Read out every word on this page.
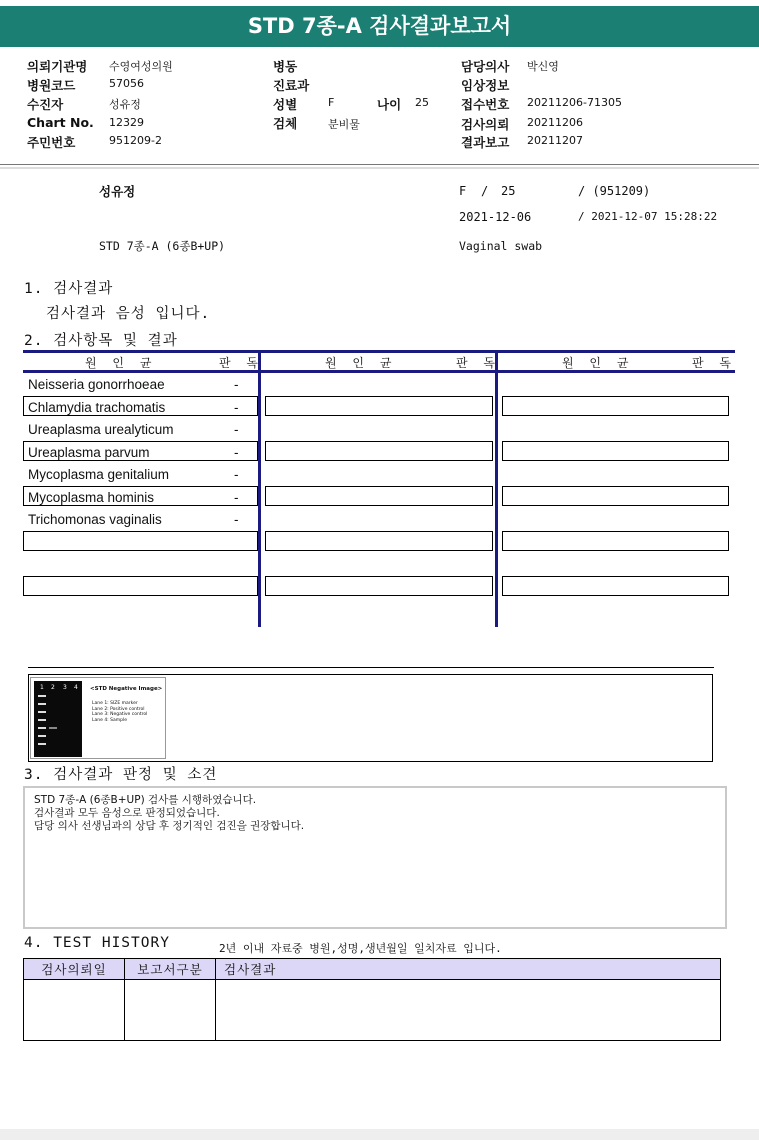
STD 7종-A 검사결과보고서
의뢰기관명 수영여성의원
병원코드	57056
수진자	성유정
Chart No. 12329
주민번호	951209-2
병동
진료과
성별	F	나이 25
검체	분비물
담당의사 박신영
임상정보
접수번호 20211206-71305
검사의뢰 20211206
결과보고 20211207
성유정	F / 25	/ (951209)
2021-12-06	/ 2021-12-07 15:28:22
STD 7종-A (6종B+UP)	Vaginal swab
1. 검사결과
검사결과 음성 입니다.
2. 검사항목 및 결과
원 인 균	판 독	원 인 균	판 독	원 인 균	판 독
Neisseria gonorrhoeae	-
Chlamydia trachomatis	-
Ureaplasma urealyticum	-
Ureaplasma parvum	-
Mycoplasma genitalium	-
Mycoplasma hominis	-
Trichomonas vaginalis	-
1 2 3 4 <STD Negative Image>
Lane 1: SIZE marker
Lane 2: Positive control
Lane 3: Negative control
Lane 4: Sample
3. 검사결과 판정 및 소견
STD 7종-A (6종B+UP) 검사를 시행하였습니다.
검사결과 모두 음성으로 판정되었습니다.
담당 의사 선생님과의 상담 후 정기적인 검진을 권장합니다.
4. TEST HISTORY	2년 이내 자료중 병원,성명,생년월일 일치자료 입니다.
검사의뢰일	보고서구분	검사결과
